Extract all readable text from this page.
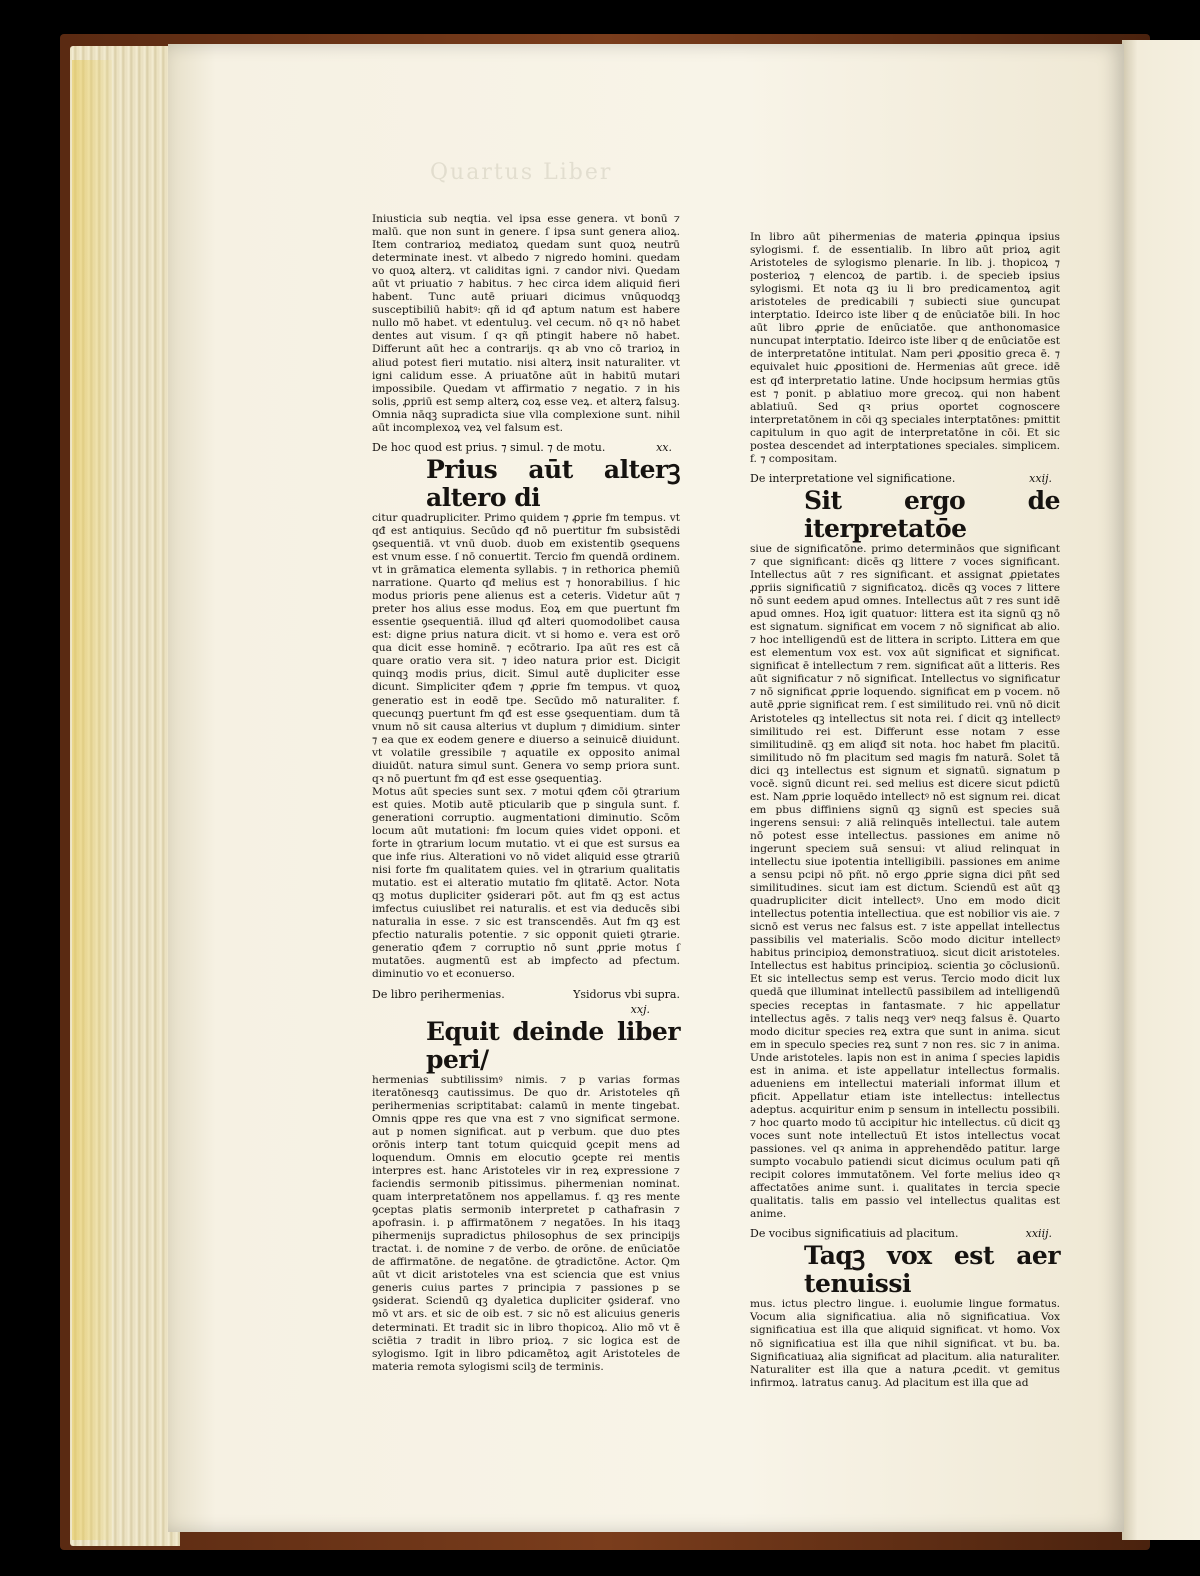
Quartus Liber

Iniusticia sub neqtia. vel ipsa esse genera. vt bonū ⁊ malū. que non sunt in genere. ſ ipsa sunt genera alioꝝ. Item contrarioꝝ mediatoꝝ quedam sunt quoꝝ neutrū determinate inest. vt albedo ⁊ nigredo homini. quedam vo quoꝝ alterꝝ. vt caliditas igni. ⁊ candor nivi. Quedam aūt vt priuatio ⁊ habitus. ⁊ hec circa idem aliquid fieri habent. Tunc autē priuari dicimus vnūquodqꝫ susceptibiliū habitꝰ: qñ id qđ aptum natum est habere nullo mō habet. vt edentuluꝫ. vel cecum. nō qꝛ nō habet dentes aut visum. ſ qꝛ qñ ptingit habere nō habet. Differunt aūt hec a contrarijs. qꝛ ab vno cō trarioꝝ in aliud potest fieri mutatio. nisi alterꝝ insit naturaliter. vt igni calidum esse. A priuatōne aūt in habitū mutari impossibile. Quedam vt affirmatio ⁊ negatio. ⁊ in his solis, ꝓpriū est semp alterꝝ coꝝ esse veꝝ. et alterꝝ falsuꝫ. Omnia nāqꝫ supradicta siue vlla complexione sunt. nihil aūt incomplexoꝝ veꝝ vel falsum est.

De hoc quod est prius. ⁊ simul. ⁊ de motu.	xx.
Prius aūt alterꝫ altero di

citur quadrupliciter. Primo quidem ⁊ ꝓprie fm tempus. vt qđ est antiquius. Secūdo qđ nō puertitur fm subsistēdi ꝯsequentiā. vt vnū duob. duob em existentib ꝯsequens est vnum esse. ſ nō conuertit. Tercio fm quendā ordinem. vt in grāmatica elementa syllabis. ⁊ in rethorica phemiū narratione. Quarto qđ melius est ⁊ honorabilius. ſ hic modus prioris pene alienus est a ceteris. Videtur aūt ⁊ preter hos alius esse modus. Eoꝝ em que puertunt fm essentie ꝯsequentiā. illud qđ alteri quomodolibet causa est: digne prius natura dicit. vt si homo e. vera est orō qua dicit esse hominē. ⁊ ecōtrario. Ipa aūt res est cā quare oratio vera sit. ⁊ ideo natura prior est. Dicigit quinqꝫ modis prius, dicit. Simul autē dupliciter esse dicunt. Simpliciter qđem ⁊ ꝓprie fm tempus. vt quoꝝ generatio est in eodē tpe. Secūdo mō naturaliter. f. quecunqꝫ puertunt fm qđ est esse ꝯsequentiam. dum tā vnum nō sit causa alterius vt duplum ⁊ dimidium. sinter ⁊ ea que ex eodem genere e diuerso a seinuicē diuidunt. vt volatile gressibile ⁊ aquatile ex opposito animal diuidūt. natura simul sunt. Genera vo semp priora sunt. qꝛ nō puertunt fm qđ est esse ꝯsequentiaꝫ.

Motus aūt species sunt sex. ⁊ motui qđem cōi ꝯtrarium est quies. Motib autē pticularib que p singula sunt. f. generationi corruptio. augmentationi diminutio. Scōm locum aūt mutationi: fm locum quies videt opponi. et forte in ꝯtrarium locum mutatio. vt ei que est sursus ea que infe rius. Alterationi vo nō videt aliquid esse ꝯtrariū nisi forte fm qualitatem quies. vel in ꝯtrarium qualitatis mutatio. est ei alteratio mutatio fm qlitatē. Actor. Nota qꝫ motus dupliciter ꝯsiderari pōt. aut fm qꝫ est actus imfectus cuiuslibet rei naturalis. et est via deducēs sibi naturalia in esse. ⁊ sic est transcendēs. Aut fm qꝫ est pfectio naturalis potentie. ⁊ sic opponit quieti ꝯtrarie. generatio qđem ⁊ corruptio nō sunt ꝓprie motus ſ mutatōes. augmentū est ab imꝑfecto ad pfectum. diminutio vo et econuerso.

De libro perihermenias.	Ysidorus vbi supra.
xxj.
Equit deinde liber peri/

hermenias subtilissimꝰ nimis. ⁊ p varias formas iteratōnesqꝫ cautissimus. De quo dr. Aristoteles qñ perihermenias scriptitabat: calamū in mente tingebat. Omnis qppe res que vna est ⁊ vno significat sermone. aut p nomen significat. aut p verbum. que duo ptes orōnis interp tant totum quicquid ꝯcepit mens ad loquendum. Omnis em elocutio ꝯcepte rei mentis interpres est. hanc Aristoteles vir in reꝝ expressione ⁊ faciendis sermonib pitissimus. pihermenian nominat. quam interpretatōnem nos appellamus. f. qꝫ res mente ꝯceptas platis sermonib interpretet p cathafrasin ⁊ apofrasin. i. p affirmatōnem ⁊ negatōes. In his itaqꝫ pihermenijs supradictus philosophus de sex principijs tractat. i. de nomine ⁊ de verbo. de orōne. de enūciatōe de affirmatōne. de negatōne. de ꝯtradictōne. Actor. Qm aūt vt dicit aristoteles vna est sciencia que est vnius generis cuius partes ⁊ principia ⁊ passiones p se ꝯsiderat. Sciendū qꝫ dyaletica dupliciter ꝯsideraf. vno mō vt ars. et sic de oib est. ⁊ sic nō est alicuius generis determinati. Et tradit sic in libro thopicoꝝ. Alio mō vt ē sciētia ⁊ tradit in libro prioꝝ. ⁊ sic logica est de sylogismo. Igit in libro pdicamētoꝝ agit Aristoteles de materia remota sylogismi scilꝫ de terminis.

In libro aūt pihermenias de materia ꝓpinqua ipsius sylogismi. f. de essentialib. In libro aūt prioꝝ agit Aristoteles de sylogismo plenarie. In lib. j. thopicoꝝ ⁊ posterioꝝ ⁊ elencoꝝ de partib. i. de specieb ipsius sylogismi. Et nota qꝫ iu li bro predicamentoꝝ agit aristoteles de predicabili ⁊ subiecti siue ꝯuncupat interptatio. Ideirco iste liber q de enūciatōe bili. In hoc aūt libro ꝓprie de enūciatōe. que anthonomasice nuncupat interptatio. Ideirco iste liber q de enūciatōe est de interpretatōne intitulat. Nam peri ꝓpositio greca ē. ⁊ equivalet huic ꝓpositioni de. Hermenias aūt grece. idē est qđ interpretatio latine. Unde hocipsum hermias gtūs est ⁊ ponit. p ablatiuo more grecoꝝ. qui non habent ablatiuū. Sed qꝛ prius oportet cognoscere interpretatōnem in cōi qꝫ speciales interptatōnes: pmittit capitulum in quo agit de interpretatōne in cōi. Et sic postea descendet ad interptationes speciales. simplicem. f. ⁊ compositam.

De interpretatione vel significatione.	xxij.
Sit ergo de iterpretatōe

siue de significatōne. primo determināos que significant ⁊ que significant: dicēs qꝫ littere ⁊ voces significant. Intellectus aūt ⁊ res significant. et assignat ꝓpietates ꝓpriis significatiū ⁊ significatoꝝ. dicēs qꝫ voces ⁊ littere nō sunt eedem apud omnes. Intellectus aūt ⁊ res sunt idē apud omnes. Hoꝝ igit quatuor: littera est ita signū qꝫ nō est signatum. significat em vocem ⁊ nō significat ab alio. ⁊ hoc intelligendū est de littera in scripto. Littera em que est elementum vox est. vox aūt significat et significat. significat ē intellectum ⁊ rem. significat aūt a litteris. Res aūt significatur ⁊ nō significat. Intellectus vo significatur ⁊ nō significat ꝓprie loquendo. significat em p vocem. nō autē ꝓprie significat rem. ſ est similitudo rei. vnū nō dicit Aristoteles qꝫ intellectus sit nota rei. ſ dicit qꝫ intellectꝰ similitudo rei est. Differunt esse notam ⁊ esse similitudinē. qꝫ em aliqđ sit nota. hoc habet fm placitū. similitudo nō fm placitum sed magis fm naturā. Solet tā dici qꝫ intellectus est signum et signatū. signatum p vocē. signū dicunt rei. sed melius est dicere sicut pdictū est. Nam ꝓprie loquēdo intellectꝰ nō est signum rei. dicat em pbus diffiniens signū qꝫ signū est species suā ingerens sensui: ⁊ aliā relinquēs intellectui. tale autem nō potest esse intellectus. passiones em anime nō ingerunt speciem suā sensui: vt aliud relinquat in intellectu siue ipotentia intelligibili. passiones em anime a sensu pcipi nō pñt. nō ergo ꝓprie signa dici pñt sed similitudines. sicut iam est dictum. Sciendū est aūt qꝫ quadrupliciter dicit intellectꝰ. Uno em modo dicit intellectus potentia intellectiua. que est nobilior vis aie. ⁊ sicnō est verus nec falsus est. ⁊ iste appellat intellectus passibilis vel materialis. Scōo modo dicitur intellectꝰ habitus principioꝝ demonstratiuoꝝ. sicut dicit aristoteles. Intellectus est habitus principioꝝ. scientia ꝫo cōclusionū. Et sic intellectus semp est verus. Tercio modo dicit lux quedā que illuminat intellectū passibilem ad intelligendū species receptas in fantasmate. ⁊ hic appellatur intellectus agēs. ⁊ talis neqꝫ verꝰ neqꝫ falsus ē. Quarto modo dicitur species reꝝ extra que sunt in anima. sicut em in speculo species reꝝ sunt ⁊ non res. sic ⁊ in anima. Unde aristoteles. lapis non est in anima ſ species lapidis est in anima. et iste appellatur intellectus formalis. adueniens em intellectui materiali informat illum et pficit. Appellatur etiam iste intellectus: intellectus adeptus. acquiritur enim p sensum in intellectu possibili. ⁊ hoc quarto modo tū accipitur hic intellectus. cū dicit qꝫ voces sunt note intellectuū Et istos intellectus vocat passiones. vel qꝛ anima in apprehendēdo patitur. large sumpto vocabulo patiendi sicut dicimus oculum pati qñ recipit colores immutatōnem. Vel forte melius ideo qꝛ affectatōes anime sunt. i. qualitates in tercia specie qualitatis. talis em passio vel intellectus qualitas est anime.

De vocibus significatiuis ad placitum.	xxiij.
Taqꝫ vox est aer tenuissi

mus. ictus plectro lingue. i. euolumie lingue formatus. Vocum alia significatiua. alia nō significatiua. Vox significatiua est illa que aliquid significat. vt homo. Vox nō significatiua est illa que nihil significat. vt bu. ba. Significatiuaꝝ alia significat ad placitum. alia naturaliter. Naturaliter est illa que a natura ꝓcedit. vt gemitus infirmoꝝ. latratus canuꝫ. Ad placitum est illa que ad
